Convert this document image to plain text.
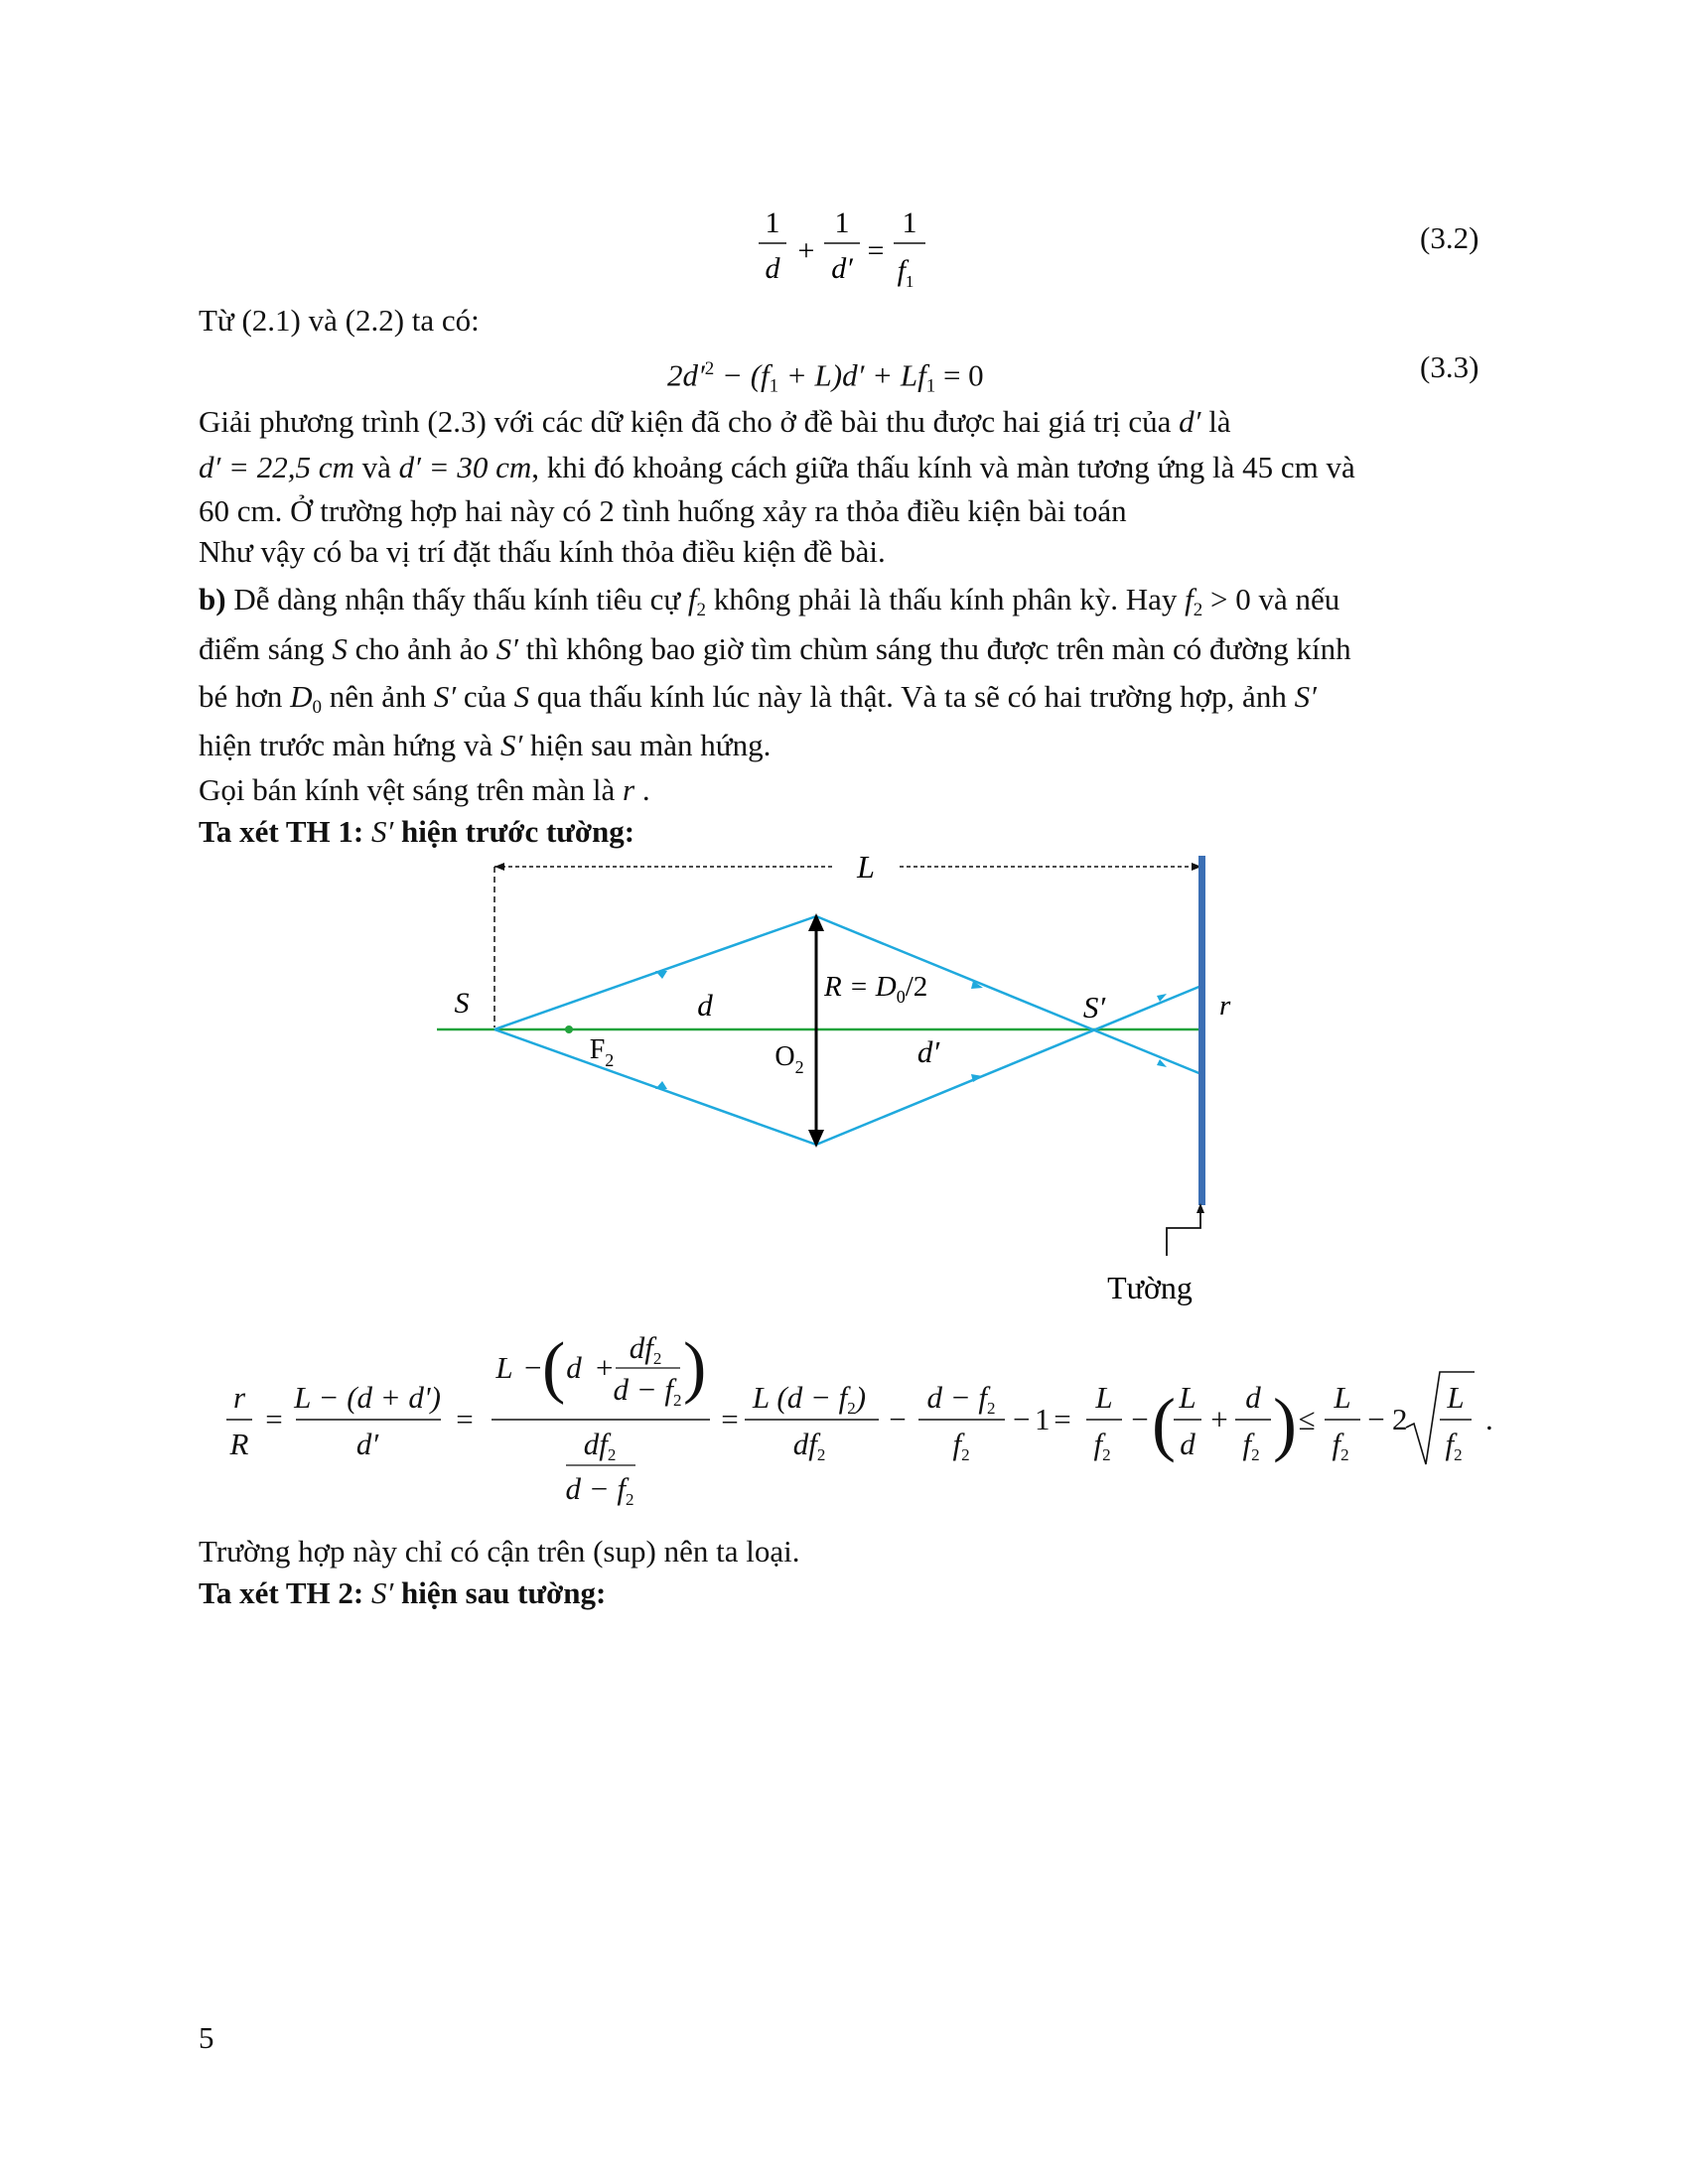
1
d
+
1
d′
=
1
$f_1$
(3.2)
Từ (2.1) và (2.2) ta có:
$2d'^2 - (f_1 + L)d' + Lf_1 = 0$	(3.3)
Giải phương trình (2.3) với các dữ kiện đã cho ở đề bài thu được hai giá trị của d′ là
d′ = 22,5 cm và d′ = 30 cm, khi đó khoảng cách giữa thấu kính và màn tương ứng là 45 cm và
60 cm. Ở trường hợp hai này có 2 tình huống xảy ra thỏa điều kiện bài toán
Như vậy có ba vị trí đặt thấu kính thỏa điều kiện đề bài.
b) Dễ dàng nhận thấy thấu kính tiêu cự $f_2$ không phải là thấu kính phân kỳ. Hay $f_2 > 0$ và nếu
điểm sáng S cho ảnh ảo S′ thì không bao giờ tìm chùm sáng thu được trên màn có đường kính
bé hơn $D_0$ nên ảnh S′ của S qua thấu kính lúc này là thật. Và ta sẽ có hai trường hợp, ảnh S′
hiện trước màn hứng và S′ hiện sau màn hứng.
Gọi bán kính vệt sáng trên màn là r .
Ta xét TH 1: S′ hiện trước tường:
L
S	d
$R = D_0/2$
S′	r
$F_2$	$O_2$	d′
Tường
r
R
=
L − (d + d')
d′
=
L − ( d +
df2
d − f2 )
df2
d − f2
=
L (d − f2)
df2
−
d − f2
f2
− 1 =
L
f2
− ( L
d
+
d
f2 ) ≤
L
f2
− 2
L
f2
.
Trường hợp này chỉ có cận trên (sup) nên ta loại.
Ta xét TH 2: S′ hiện sau tường:
5
